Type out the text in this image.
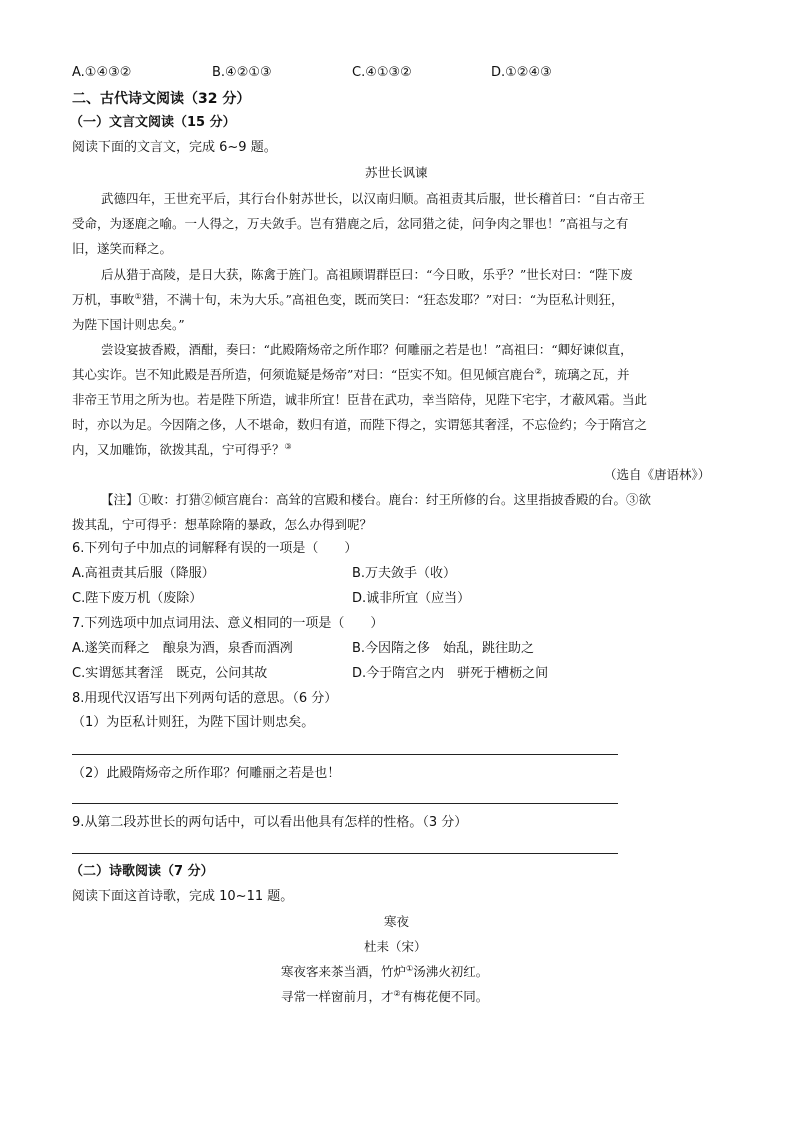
A.①④③②	B.④②①③	C.④①③②	D.①②④③
二、古代诗文阅读（32 分）
（一）文言文阅读（15 分）
阅读下面的文言文，完成 6~9 题。
苏世长讽谏
武德四年，王世充平后，其行台仆射苏世长，以汉南归顺。高祖责其后服，世长稽首曰：“自古帝王
受命，为逐鹿之喻。一人得之，万夫敛手。岂有猎鹿之后，忿同猎之徒，问争肉之罪也！”高祖与之有
旧，遂笑而释之。
后从猎于高陵，是日大获，陈禽于旌门。高祖顾谓群臣曰：“今日畋，乐乎？”世长对曰：“陛下废
万机，事畋①猎，不满十旬，未为大乐。”高祖色变，既而笑曰：“狂态发耶？”对曰：“为臣私计则狂，
为陛下国计则忠矣。”
尝设宴披香殿，酒酣，奏曰：“此殿隋炀帝之所作耶？何雕丽之若是也！”高祖曰：“卿好谏似直，
其心实诈。岂不知此殿是吾所造，何须诡疑是炀帝”对曰：“臣实不知。但见倾宫鹿台②，琉璃之瓦，并
非帝王节用之所为也。若是陛下所造，诚非所宜！臣昔在武功，幸当陪侍，见陛下宅宇，才蔽风霜。当此
时，亦以为足。今因隋之侈，人不堪命，数归有道，而陛下得之，实谓惩其奢淫，不忘俭约；今于隋宫之
内，又加雕饰，欲拨其乱，宁可得乎？③
（选自《唐语林》）
【注】①畋：打猎②倾宫鹿台：高耸的宫殿和楼台。鹿台：纣王所修的台。这里指披香殿的台。③欲
拨其乱，宁可得乎：想革除隋的暴政，怎么办得到呢？
6.下列句子中加点的词解释有误的一项是（　　）
A.高祖责其后服（降服）	B.万夫敛手（收）
C.陛下废万机（废除）	D.诚非所宜（应当）
7.下列选项中加点词用法、意义相同的一项是（　　）
A.遂笑而释之　酿泉为酒，泉香而酒冽	B.今因隋之侈　始乱，跳往助之
C.实谓惩其奢淫　既克，公问其故	D.今于隋宫之内　骈死于槽枥之间
8.用现代汉语写出下列两句话的意思。（6 分）
（1）为臣私计则狂，为陛下国计则忠矣。
（2）此殿隋炀帝之所作耶？何雕丽之若是也！
9.从第二段苏世长的两句话中，可以看出他具有怎样的性格。（3 分）
（二）诗歌阅读（7 分）
阅读下面这首诗歌，完成 10~11 题。
寒夜
杜耒（宋）
寒夜客来茶当酒，竹炉①汤沸火初红。
寻常一样窗前月，才②有梅花便不同。
